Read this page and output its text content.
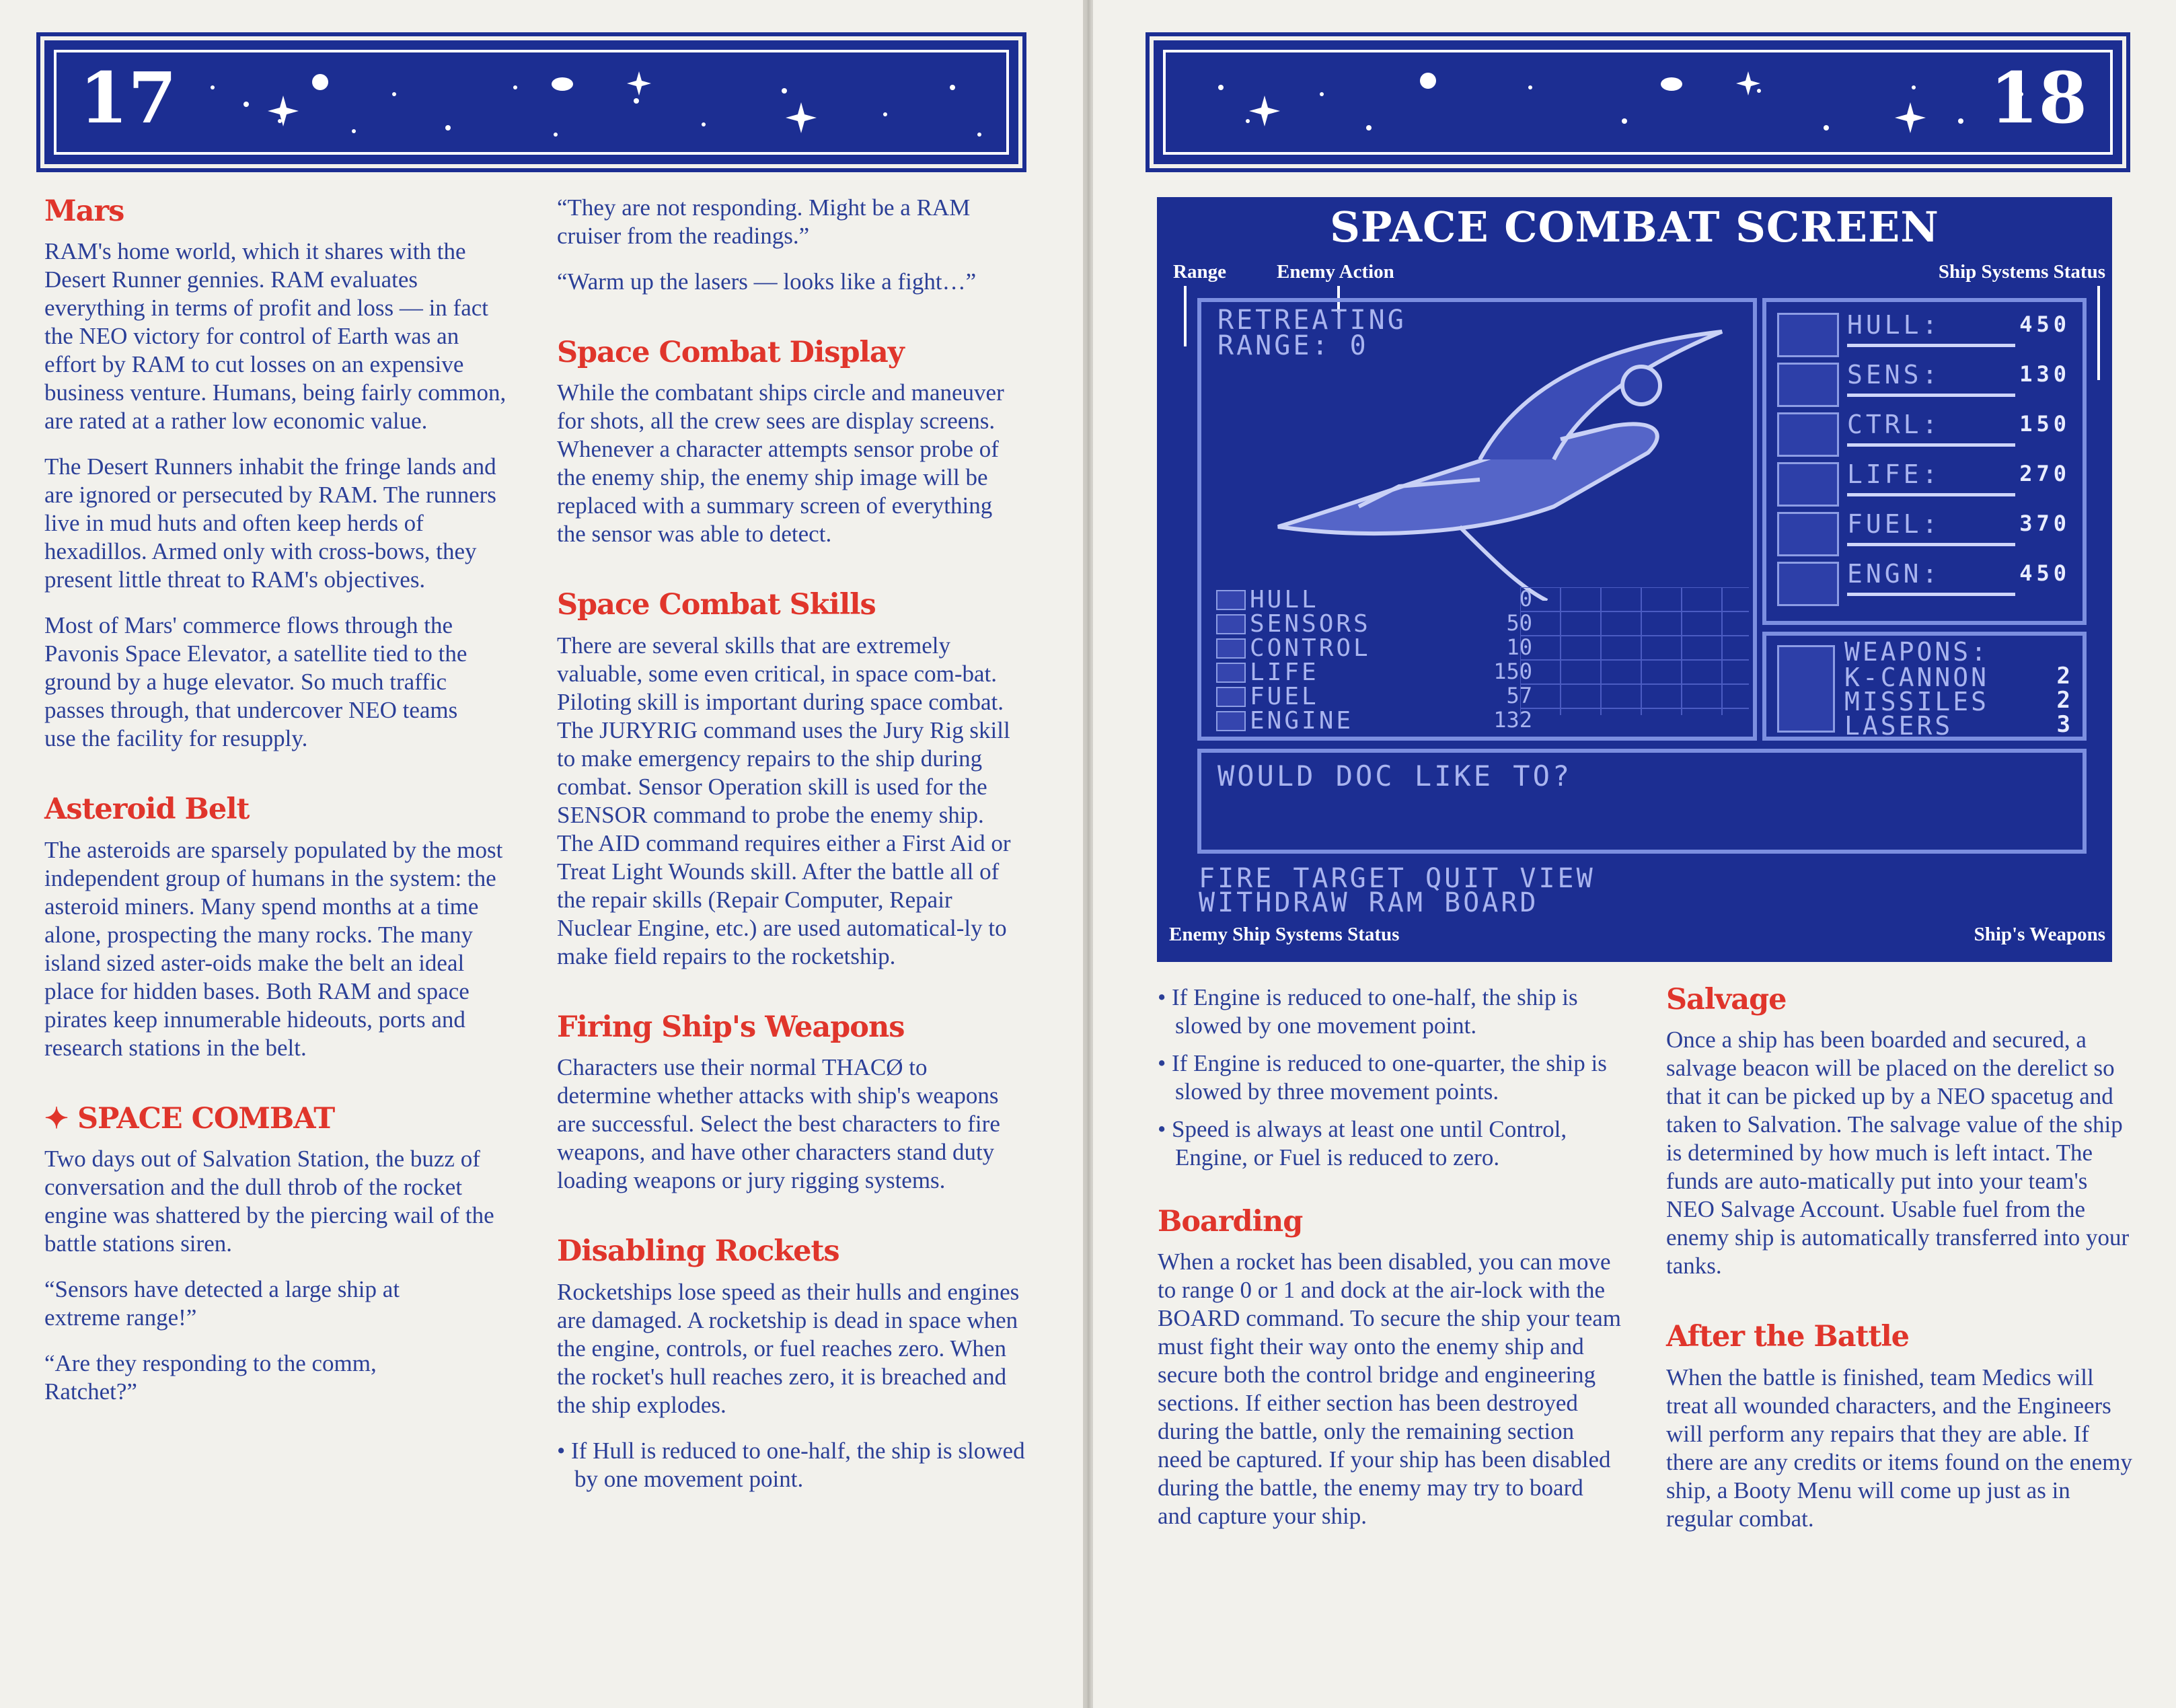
17
Mars

RAM's home world, which it shares with the Desert Runner gennies. RAM evaluates everything in terms of profit and loss — in fact the NEO victory for control of Earth was an effort by RAM to cut losses on an expensive business venture. Humans, being fairly common, are rated at a rather low economic value.

The Desert Runners inhabit the fringe lands and are ignored or persecuted by RAM. The runners live in mud huts and often keep herds of hexadillos. Armed only with cross-bows, they present little threat to RAM's objectives.

Most of Mars' commerce flows through the Pavonis Space Elevator, a satellite tied to the ground by a huge elevator. So much traffic passes through, that undercover NEO teams use the facility for resupply.

Asteroid Belt

The asteroids are sparsely populated by the most independent group of humans in the system: the asteroid miners. Many spend months at a time alone, prospecting the many rocks. The many island sized aster-oids make the belt an ideal place for hidden bases. Both RAM and space pirates keep innumerable hideouts, ports and research stations in the belt.

✦ SPACE COMBAT

Two days out of Salvation Station, the buzz of conversation and the dull throb of the rocket engine was shattered by the piercing wail of the battle stations siren.

“Sensors have detected a large ship at extreme range!”

“Are they responding to the comm, Ratchet?”

“They are not responding. Might be a RAM cruiser from the readings.”

“Warm up the lasers — looks like a fight…”

Space Combat Display

While the combatant ships circle and maneuver for shots, all the crew sees are display screens. Whenever a character attempts sensor probe of the enemy ship, the enemy ship image will be replaced with a summary screen of everything the sensor was able to detect.

Space Combat Skills

There are several skills that are extremely valuable, some even critical, in space com-bat. Piloting skill is important during space combat. The JURYRIG command uses the Jury Rig skill to make emergency repairs to the ship during combat. Sensor Operation skill is used for the SENSOR command to probe the enemy ship. The AID command requires either a First Aid or Treat Light Wounds skill. After the battle all of the repair skills (Repair Computer, Repair Nuclear Engine, etc.) are used automatical-ly to make field repairs to the rocketship.

Firing Ship's Weapons

Characters use their normal THACØ to determine whether attacks with ship's weapons are successful. Select the best characters to fire weapons, and have other characters stand duty loading weapons or jury rigging systems.

Disabling Rockets

Rocketships lose speed as their hulls and engines are damaged. A rocketship is dead in space when the engine, controls, or fuel reaches zero. When the rocket's hull reaches zero, it is breached and the ship explodes.

• If Hull is reduced to one-half, the ship is slowed by one movement point.

18

• If Engine is reduced to one-half, the ship is slowed by one movement point.

• If Engine is reduced to one-quarter, the ship is slowed by three movement points.

• Speed is always at least one until Control, Engine, or Fuel is reduced to zero.

Boarding

When a rocket has been disabled, you can move to range 0 or 1 and dock at the air-lock with the BOARD command. To secure the ship your team must fight their way onto the enemy ship and secure both the control bridge and engineering sections. If either section has been destroyed during the battle, only the remaining section need be captured. If your ship has been disabled during the battle, the enemy may try to board and capture your ship.

Salvage

Once a ship has been boarded and secured, a salvage beacon will be placed on the derelict so that it can be picked up by a NEO spacetug and taken to Salvation. The salvage value of the ship is determined by how much is left intact. The funds are auto-matically put into your team's NEO Salvage Account. Usable fuel from the enemy ship is automatically transferred into your tanks.

After the Battle

When the battle is finished, team Medics will treat all wounded characters, and the Engineers will perform any repairs that they are able. If there are any credits or items found on the enemy ship, a Booty Menu will come up just as in regular combat.

SPACE COMBAT SCREEN
Range	Enemy Action	Ship Systems Status
Enemy Ship Systems Status	Ship's Weapons
RETREATING
RANGE: 0
HULL	0
SENSORS	50
CONTROL	10
LIFE	150
FUEL	57
ENGINE	132
HULL:	450
SENS:	130
CTRL:	150
LIFE:	270
FUEL:	370
ENGN:	450
WEAPONS:
K-CANNON	2
MISSILES	2
LASERS	3
WOULD DOC LIKE TO?
FIRE TARGET QUIT VIEW
WITHDRAW RAM BOARD
